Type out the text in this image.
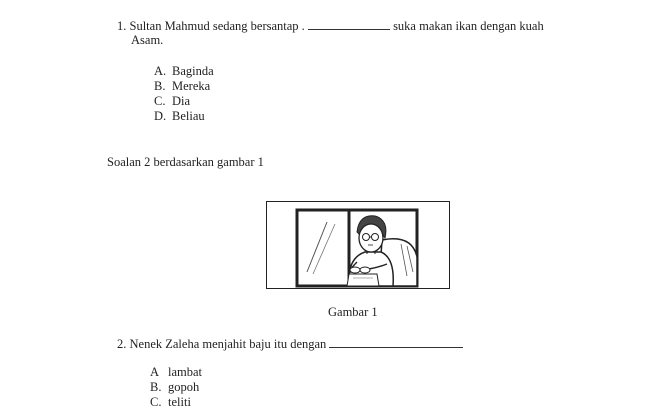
1. Sultan Mahmud sedang bersantap .	suka makan ikan dengan kuah
Asam.
A. Baginda
B. Mereka
C. Dia
D. Beliau
Soalan 2 berdasarkan gambar 1
Gambar 1
2. Nenek Zaleha menjahit baju itu dengan
A lambat
B. gopoh
C. teliti
